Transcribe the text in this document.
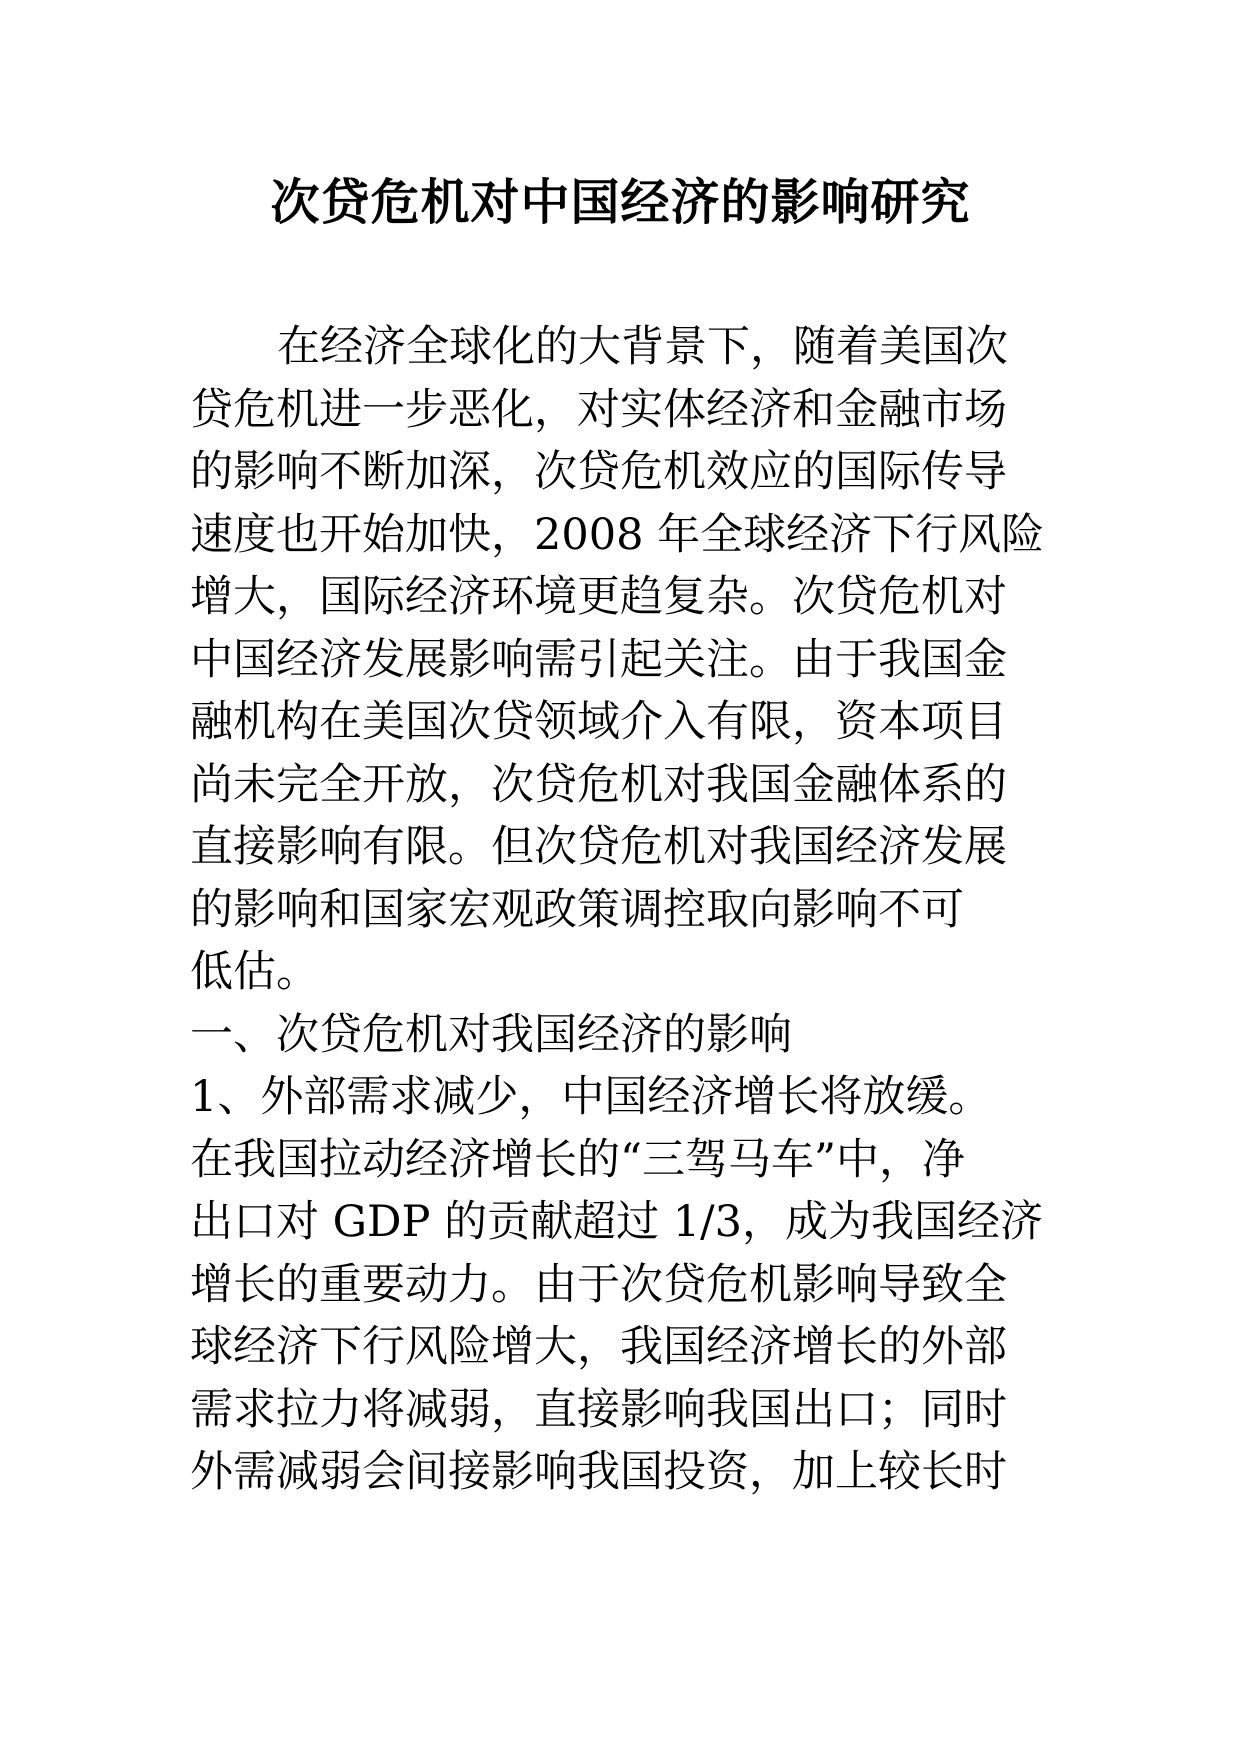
次贷危机对中国经济的影响研究
在经济全球化的大背景下，随着美国次
贷危机进一步恶化，对实体经济和金融市场
的影响不断加深，次贷危机效应的国际传导
速度也开始加快，2008 年全球经济下行风险
增大，国际经济环境更趋复杂。次贷危机对
中国经济发展影响需引起关注。由于我国金
融机构在美国次贷领域介入有限，资本项目
尚未完全开放，次贷危机对我国金融体系的
直接影响有限。但次贷危机对我国经济发展
的影响和国家宏观政策调控取向影响不可
低估。
一、次贷危机对我国经济的影响
1、外部需求减少，中国经济增长将放缓。
在我国拉动经济增长的“三驾马车”中，净
出口对 GDP 的贡献超过 1/3，成为我国经济
增长的重要动力。由于次贷危机影响导致全
球经济下行风险增大，我国经济增长的外部
需求拉力将减弱，直接影响我国出口；同时
外需减弱会间接影响我国投资，加上较长时
